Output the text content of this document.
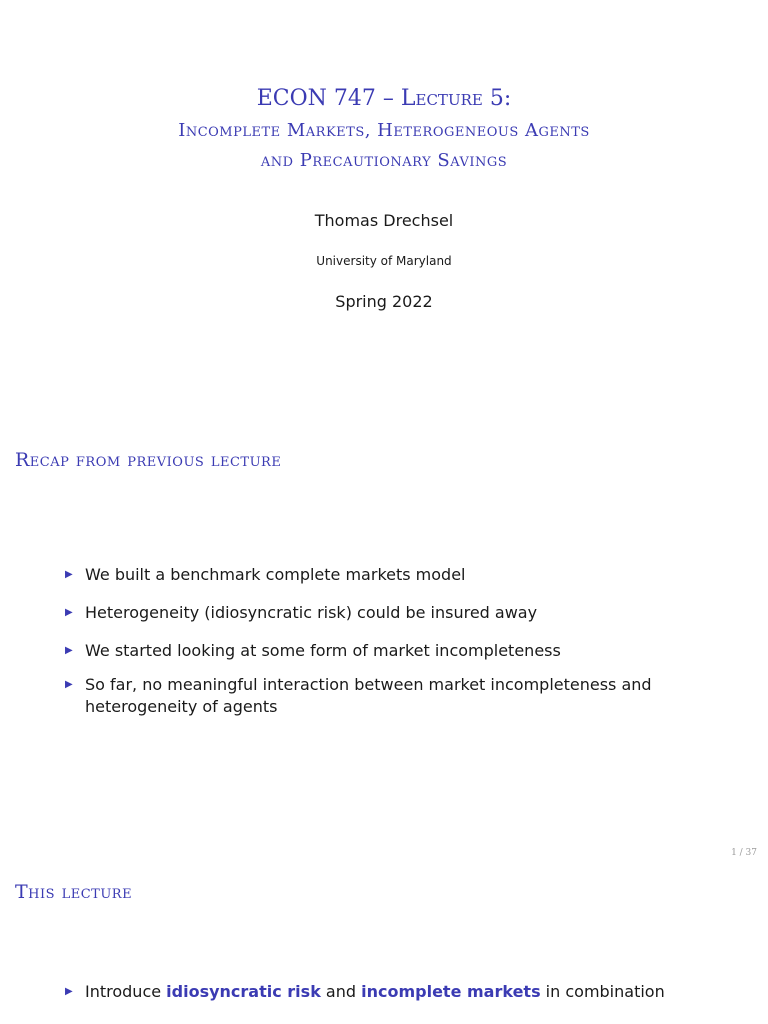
ECON 747 – Lecture 5:
Incomplete Markets, Heterogeneous Agents
and Precautionary Savings
Thomas Drechsel
University of Maryland
Spring 2022
Recap from previous lecture
▶ We built a benchmark complete markets model
▶ Heterogeneity (idiosyncratic risk) could be insured away
▶ We started looking at some form of market incompleteness
▶ So far, no meaningful interaction between market incompleteness and heterogeneity of agents
1 / 37
This lecture
▶ Introduce idiosyncratic risk and incomplete markets in combination
